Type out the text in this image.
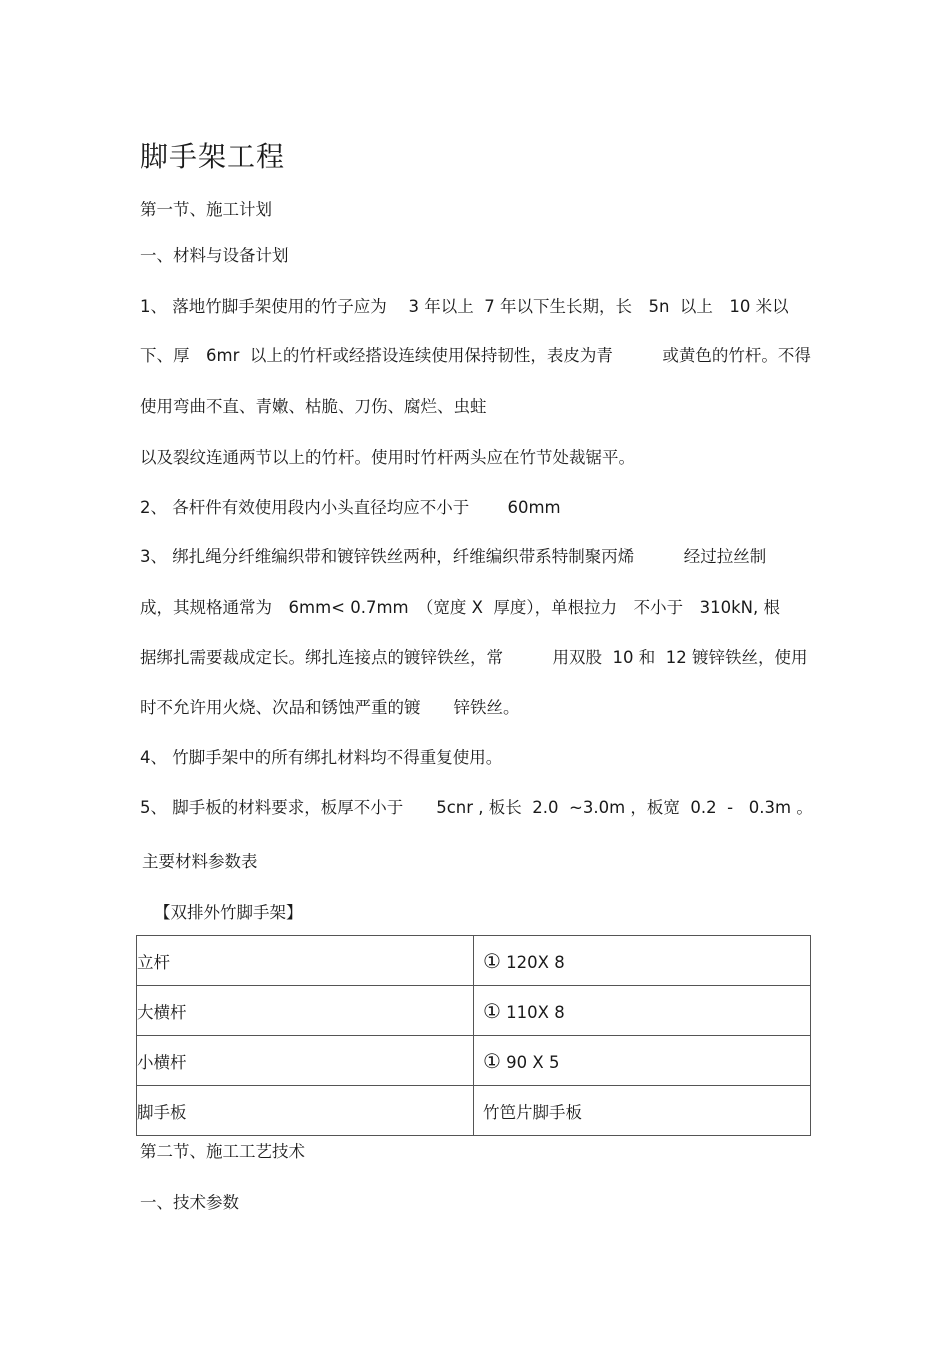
脚手架工程
第一节、施工计划
一、材料与设备计划
1、 落地竹脚手架使用的竹子应为　 3 年以上  7 年以下生长期，长　5n  以上　10 米以
下、厚　6mr  以上的竹杆或经搭设连续使用保持韧性，表皮为青　　　或黄色的竹杆。不得
使用弯曲不直、青嫩、枯脆、刀伤、腐烂、虫蛀
以及裂纹连通两节以上的竹杆。使用时竹杆两头应在竹节处裁锯平。
2、 各杆件有效使用段内小头直径均应不小于　　 60mm
3、 绑扎绳分纤维编织带和镀锌铁丝两种，纤维编织带系特制聚丙烯　　　经过拉丝制
成，其规格通常为　6mm< 0.7mm　（宽度 X  厚度），单根拉力　不小于　310kN, 根
据绑扎需要裁成定长。绑扎连接点的镀锌铁丝，常　　　用双股  10 和  12 镀锌铁丝，使用
时不允许用火烧、次品和锈蚀严重的镀　　锌铁丝。
4、 竹脚手架中的所有绑扎材料均不得重复使用。
5、 脚手板的材料要求，板厚不小于　　5cnr , 板长  2.0  ~3.0m ，板宽  0.2  -   0.3m 。
主要材料参数表
【双排外竹脚手架】
立杆	① 120X 8
大横杆	① 110X 8
小横杆	① 90 X 5
脚手板	竹笆片脚手板
第二节、施工工艺技术
一、技术参数
